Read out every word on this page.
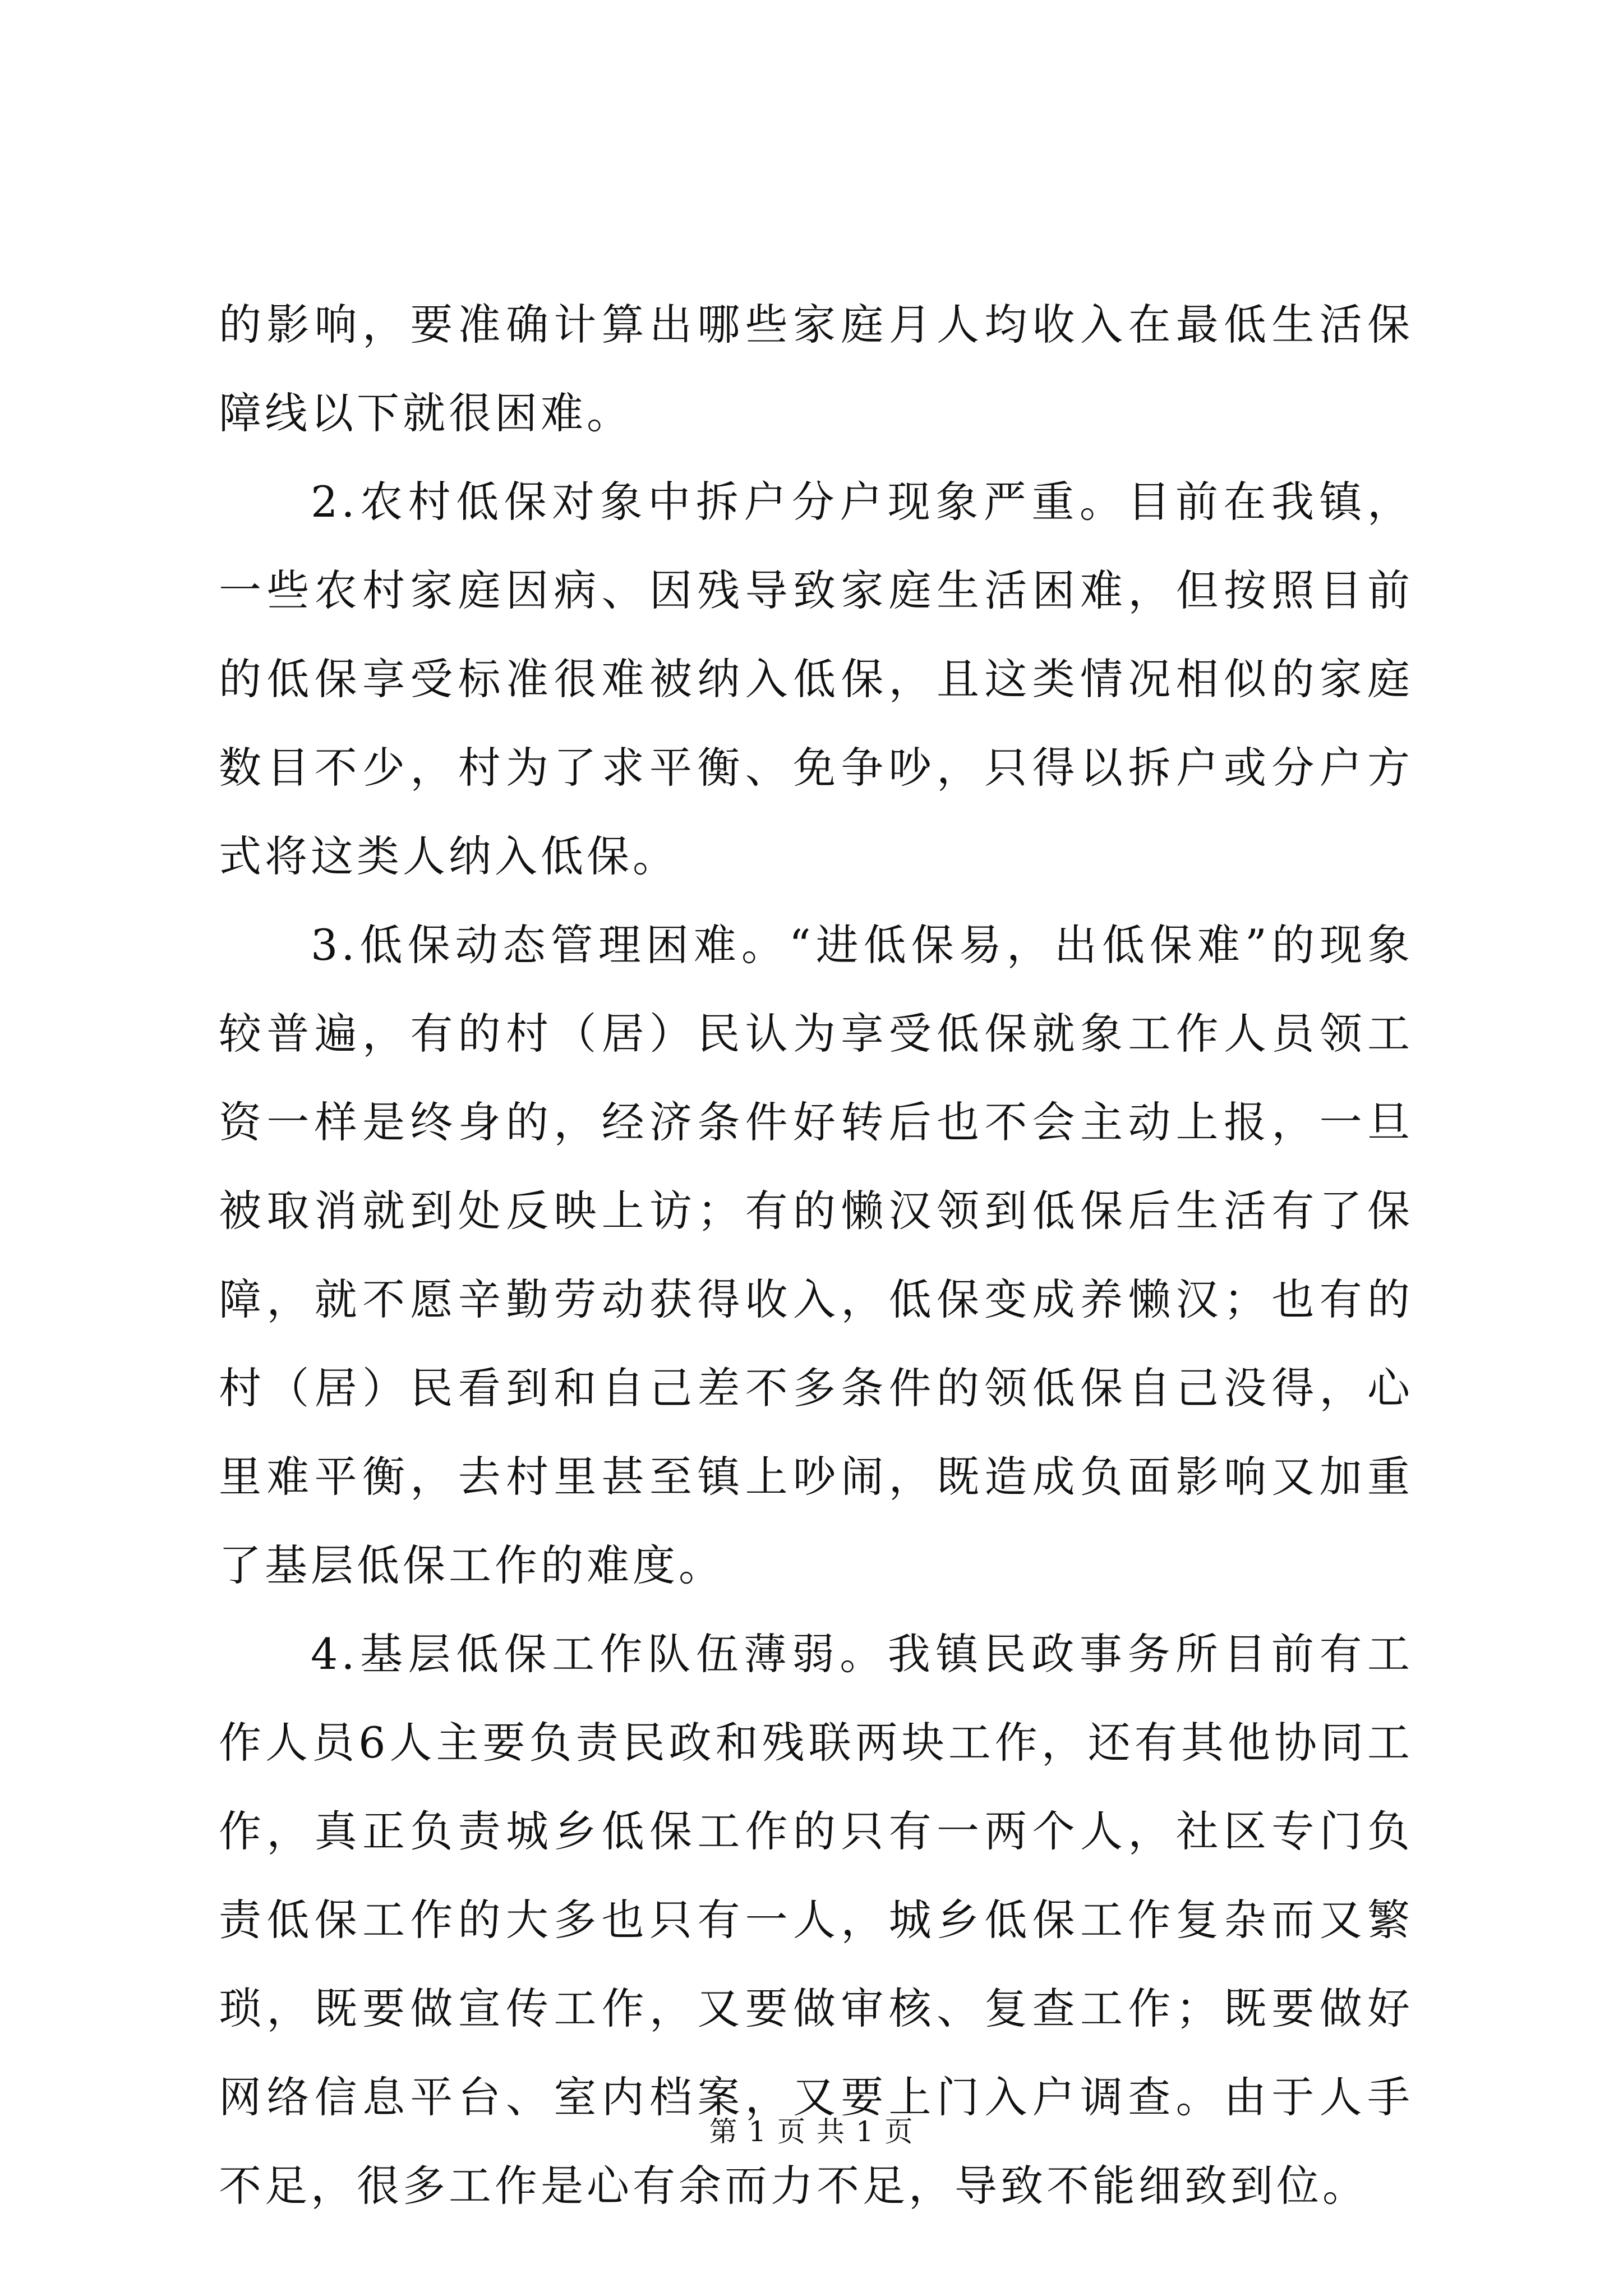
的影响，要准确计算出哪些家庭月人均收入在最低生活保障线以下就很困难。

2.农村低保对象中拆户分户现象严重。目前在我镇，一些农村家庭因病、因残导致家庭生活困难，但按照目前的低保享受标准很难被纳入低保，且这类情况相似的家庭数目不少，村为了求平衡、免争吵，只得以拆户或分户方式将这类人纳入低保。

3.低保动态管理困难。“进低保易，出低保难”的现象较普遍，有的村（居）民认为享受低保就象工作人员领工资一样是终身的，经济条件好转后也不会主动上报，一旦被取消就到处反映上访；有的懒汉领到低保后生活有了保障，就不愿辛勤劳动获得收入，低保变成养懒汉；也有的村（居）民看到和自己差不多条件的领低保自己没得，心里难平衡，去村里甚至镇上吵闹，既造成负面影响又加重了基层低保工作的难度。

4.基层低保工作队伍薄弱。我镇民政事务所目前有工作人员6人主要负责民政和残联两块工作，还有其他协同工作，真正负责城乡低保工作的只有一两个人，社区专门负责低保工作的大多也只有一人，城乡低保工作复杂而又繁琐，既要做宣传工作，又要做审核、复查工作；既要做好网络信息平台、室内档案，又要上门入户调查。由于人手不足，很多工作是心有余而力不足，导致不能细致到位。

第 1 页 共 1 页
